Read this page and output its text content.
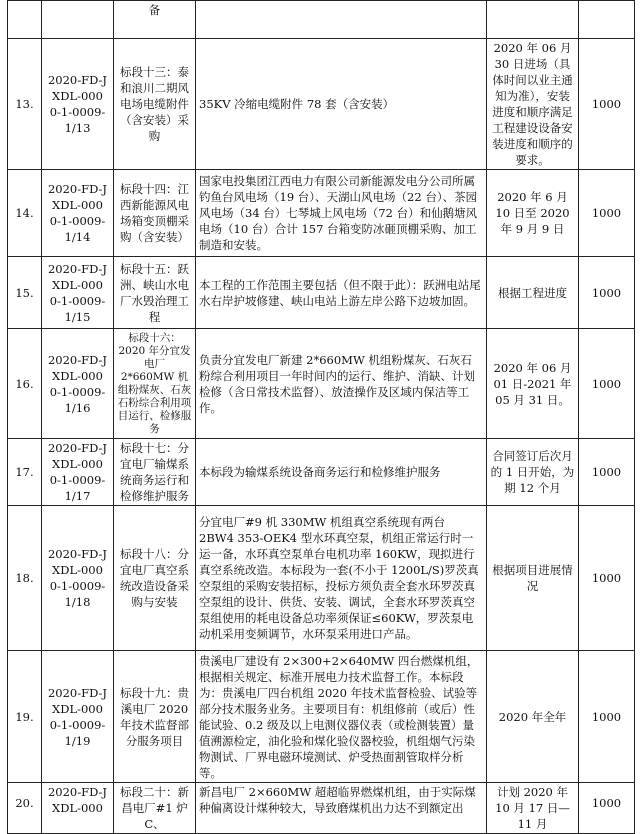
		备			
13.	2020-FD-J XDL-000 0-1-0009- 1/13	标段十三：泰和浪川二期风电场电缆附件（含安装）采购	35KV 冷缩电缆附件 78 套（含安装）	2020 年 06 月 30 日进场（具体时间以业主通知为准），安装进度和顺序满足工程建设设备安装进度和顺序的要求。	1000
14.	2020-FD-J XDL-000 0-1-0009- 1/14	标段十四：江西新能源风电场箱变顶棚采购（含安装）	国家电投集团江西电力有限公司新能源发电分公司所属钓鱼台风电场（19 台）、天湖山风电场（22 台）、茶园风电场（34 台）七琴城上风电场（72 台）和仙鹅塘风电场（10 台）合计 157 台箱变防冰砸顶棚采购、加工制造和安装。	2020 年 6 月 10 日至 2020 年 9 月 9 日	1000
15.	2020-FD-J XDL-000 0-1-0009- 1/15	标段十五：跃洲、峡山水电厂水毁治理工程	本工程的工作范围主要包括（但不限于此）：跃洲电站尾水右岸护坡修建、峡山电站上游左岸公路下边坡加固。	根据工程进度	1000
16.	2020-FD-J XDL-000 0-1-0009- 1/16	标段十六：2020 年分宜发电厂 2*660MW 机组粉煤灰、石灰石粉综合利用项目运行、检修服务	负责分宜发电厂新建 2*660MW 机组粉煤灰、石灰石粉综合利用项目一年时间内的运行、维护、消缺、计划检修（含日常技术监督）、放渣操作及区域内保洁等工作。	2020 年 06 月 01 日-2021 年 05 月 31 日。	1000
17.	2020-FD-J XDL-000 0-1-0009- 1/17	标段十七：分宜电厂输煤系统商务运行和检修维护服务	本标段为输煤系统设备商务运行和检修维护服务	合同签订后次月的 1 日开始，为期 12 个月	1000
18.	2020-FD-J XDL-000 0-1-0009- 1/18	标段十八：分宜电厂真空系统改造设备采购与安装	分宜电厂#9 机 330MW 机组真空系统现有两台 2BW4 353-OEK4 型水环真空泵，机组正常运行时一运一备，水环真空泵单台电机功率 160KW，现拟进行真空系统改造。本标段为一套(不小于 1200L/S)罗茨真空泵组的采购安装招标，投标方须负责全套水环罗茨真空泵组的设计、供货、安装、调试，全套水环罗茨真空泵组使用的耗电设备总功率须保证≤60KW，罗茨泵电动机采用变频调节，水环泵采用进口产品。	根据项目进展情况	1000
19.	2020-FD-J XDL-000 0-1-0009- 1/19	标段十九：贵溪电厂 2020 年技术监督部分服务项目	贵溪电厂建设有 2×300+2×640MW 四台燃煤机组，根据相关规定、标准开展电力技术监督工作。本标段为：贵溪电厂四台机组 2020 年技术监督检验、试验等部分技术服务业务。主要项目有：机组修前（或后）性能试验、0.2 级及以上电测仪器仪表（或检测装置）量值溯源检定，油化验和煤化验仪器校验，机组烟气污染物测试、厂界电磁环境测试、炉受热面割管取样分析等。	2020 年全年	1000
20.	2020-FD-J XDL-000	标段二十：新昌电厂#1 炉C、	新昌电厂 2×660MW 超超临界燃煤机组，由于实际煤种偏离设计煤种较大，导致磨煤机出力达不到额定出	计划 2020 年 10 月 17 日—11 月	1000
